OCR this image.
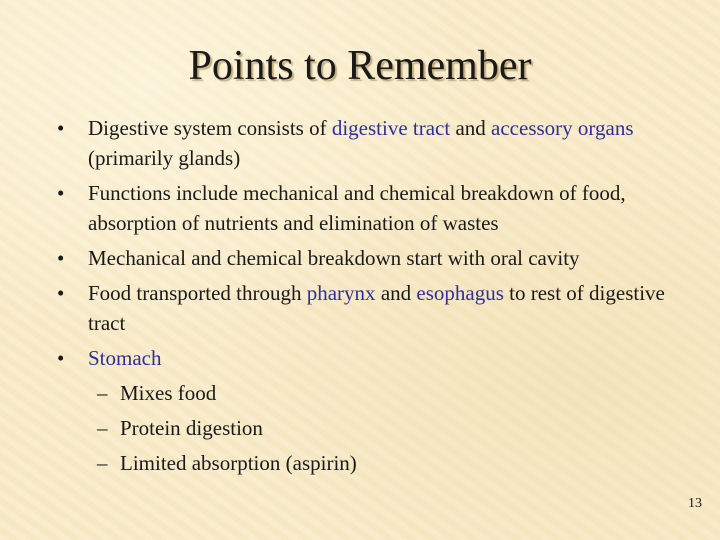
Points to Remember
•	Digestive system consists of digestive tract and accessory organs (primarily glands)
•	Functions include mechanical and chemical breakdown of food, absorption of nutrients and elimination of wastes
•	Mechanical and chemical breakdown start with oral cavity
•	Food transported through pharynx and esophagus to rest of digestive tract
•	Stomach
– Mixes food
– Protein digestion
– Limited absorption (aspirin)
13
